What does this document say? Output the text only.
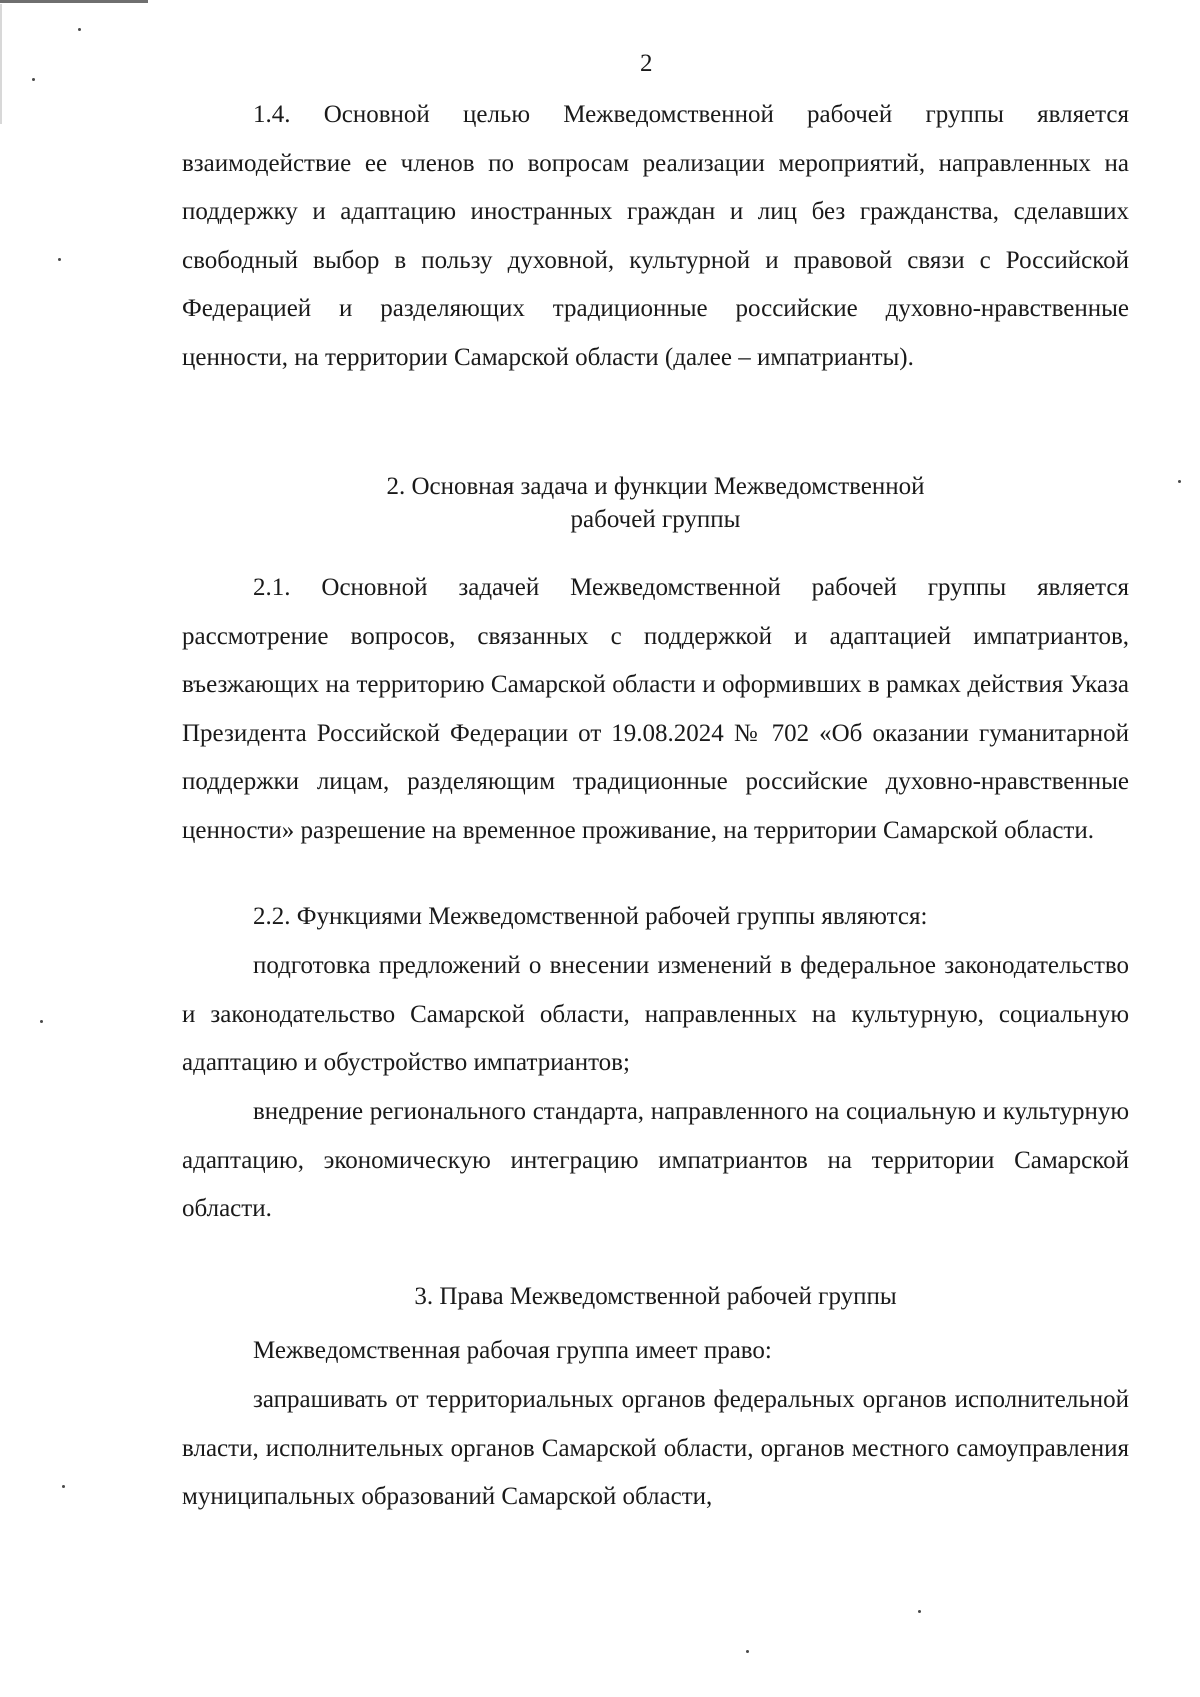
2

1.4. Основной целью Межведомственной рабочей группы является взаимодействие ее членов по вопросам реализации мероприятий, направленных на поддержку и адаптацию иностранных граждан и лиц без гражданства, сделавших свободный выбор в пользу духовной, культурной и правовой связи с Российской Федерацией и разделяющих традиционные российские духовно-нравственные ценности, на территории Самарской области (далее – импатрианты).

2. Основная задача и функции Межведомственной
рабочей группы

2.1. Основной задачей Межведомственной рабочей группы является рассмотрение вопросов, связанных с поддержкой и адаптацией импатриантов, въезжающих на территорию Самарской области и оформивших в рамках действия Указа Президента Российской Федерации от 19.08.2024 № 702 «Об оказании гуманитарной поддержки лицам, разделяющим традиционные российские духовно-нравственные ценности» разрешение на временное проживание, на территории Самарской области.

2.2. Функциями Межведомственной рабочей группы являются:

подготовка предложений о внесении изменений в федеральное законодательство и законодательство Самарской области, направленных на культурную, социальную адаптацию и обустройство импатриантов;

внедрение регионального стандарта, направленного на социальную и культурную адаптацию, экономическую интеграцию импатриантов на территории Самарской области.

3. Права Межведомственной рабочей группы

Межведомственная рабочая группа имеет право:

запрашивать от территориальных органов федеральных органов исполнительной власти, исполнительных органов Самарской области, органов местного самоуправления муниципальных образований Самарской области,
